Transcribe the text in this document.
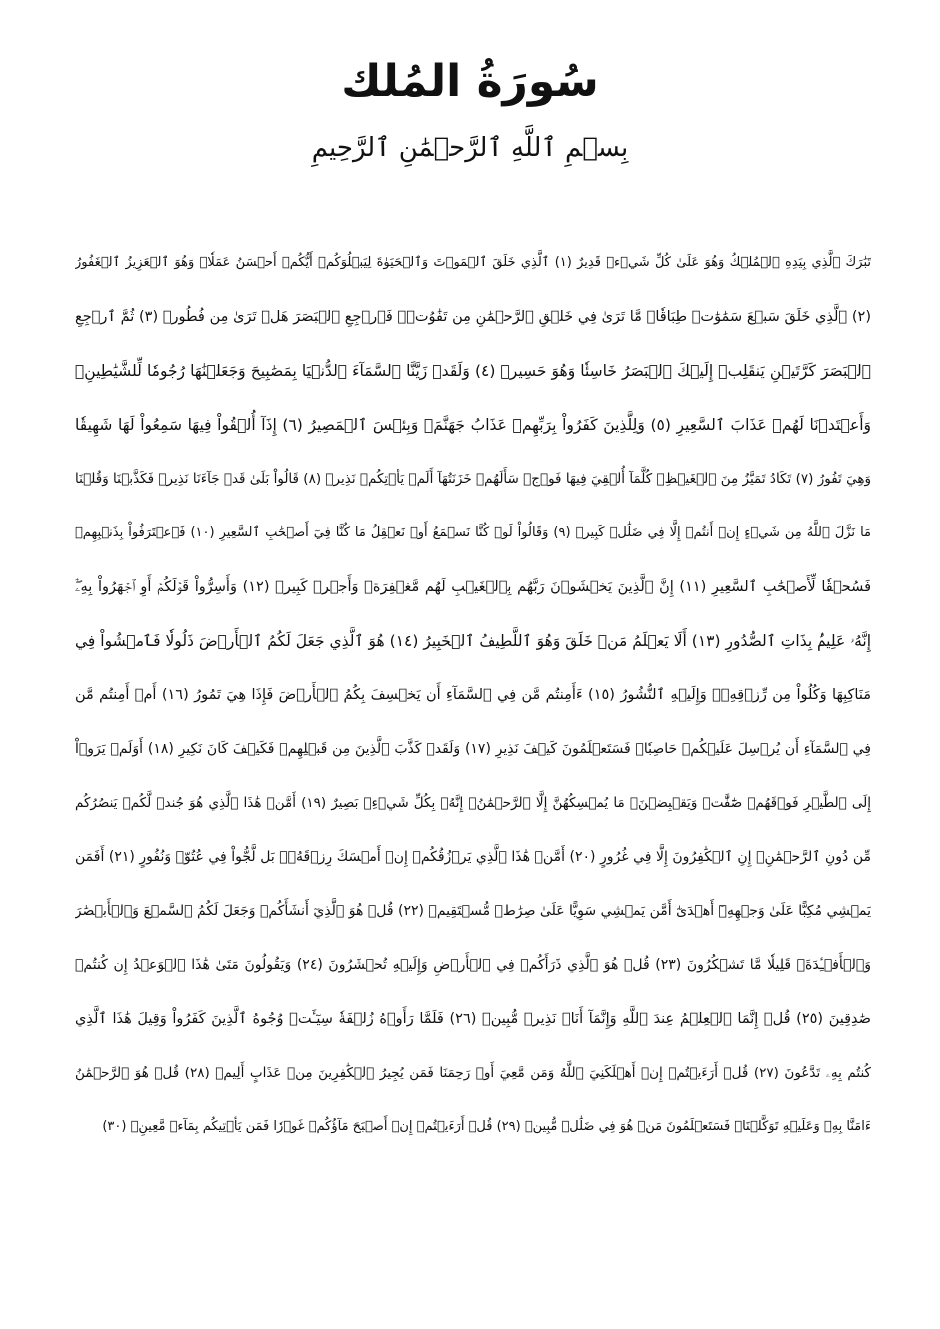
سُورَةُ المُلك
بِسۡمِ ٱللَّهِ ٱلرَّحۡمَٰنِ ٱلرَّحِيمِ
تَبَٰرَكَ ٱلَّذِي بِيَدِهِ ٱلۡمُلۡكُ وَهُوَ عَلَىٰ كُلِّ شَيۡءٖ قَدِيرٌ (١) ٱلَّذِي خَلَقَ ٱلۡمَوۡتَ وَٱلۡحَيَوٰةَ لِيَبۡلُوَكُمۡ أَيُّكُمۡ أَحۡسَنُ عَمَلٗاۚ وَهُوَ ٱلۡعَزِيزُ ٱلۡغَفُورُ
(٢) ٱلَّذِي خَلَقَ سَبۡعَ سَمَٰوَٰتٖ طِبَاقٗاۖ مَّا تَرَىٰ فِي خَلۡقِ ٱلرَّحۡمَٰنِ مِن تَفَٰوُتٖۖ فَٱرۡجِعِ ٱلۡبَصَرَ هَلۡ تَرَىٰ مِن فُطُورٖ (٣) ثُمَّ ٱرۡجِعِ
ٱلۡبَصَرَ كَرَّتَيۡنِ يَنقَلِبۡ إِلَيۡكَ ٱلۡبَصَرُ خَاسِئٗا وَهُوَ حَسِيرٞ (٤) وَلَقَدۡ زَيَّنَّا ٱلسَّمَآءَ ٱلدُّنۡيَا بِمَصَٰبِيحَ وَجَعَلۡنَٰهَا رُجُومٗا لِّلشَّيَٰطِينِۖ
وَأَعۡتَدۡنَا لَهُمۡ عَذَابَ ٱلسَّعِيرِ (٥) وَلِلَّذِينَ كَفَرُواْ بِرَبِّهِمۡ عَذَابُ جَهَنَّمَۖ وَبِئۡسَ ٱلۡمَصِيرُ (٦) إِذَآ أُلۡقُواْ فِيهَا سَمِعُواْ لَهَا شَهِيقٗا
وَهِيَ تَفُورُ (٧) تَكَادُ تَمَيَّزُ مِنَ ٱلۡغَيۡظِۖ كُلَّمَآ أُلۡقِيَ فِيهَا فَوۡجٞ سَأَلَهُمۡ خَزَنَتُهَآ أَلَمۡ يَأۡتِكُمۡ نَذِيرٞ (٨) قَالُواْ بَلَىٰ قَدۡ جَآءَنَا نَذِيرٞ فَكَذَّبۡنَا وَقُلۡنَا
مَا نَزَّلَ ٱللَّهُ مِن شَيۡءٍ إِنۡ أَنتُمۡ إِلَّا فِي ضَلَٰلٖ كَبِيرٖ (٩) وَقَالُواْ لَوۡ كُنَّا نَسۡمَعُ أَوۡ نَعۡقِلُ مَا كُنَّا فِيٓ أَصۡحَٰبِ ٱلسَّعِيرِ (١٠) فَٱعۡتَرَفُواْ بِذَنۢبِهِمۡ
فَسُحۡقٗا لِّأَصۡحَٰبِ ٱلسَّعِيرِ (١١) إِنَّ ٱلَّذِينَ يَخۡشَوۡنَ رَبَّهُم بِٱلۡغَيۡبِ لَهُم مَّغۡفِرَةٞ وَأَجۡرٞ كَبِيرٞ (١٢) وَأَسِرُّواْ قَوۡلَكُمۡ أَوِ ٱجۡهَرُواْ بِهِۦٓۖ
إِنَّهُۥ عَلِيمُۢ بِذَاتِ ٱلصُّدُورِ (١٣) أَلَا يَعۡلَمُ مَنۡ خَلَقَ وَهُوَ ٱللَّطِيفُ ٱلۡخَبِيرُ (١٤) هُوَ ٱلَّذِي جَعَلَ لَكُمُ ٱلۡأَرۡضَ ذَلُولٗا فَٱمۡشُواْ فِي
مَنَاكِبِهَا وَكُلُواْ مِن رِّزۡقِهِۦۖ وَإِلَيۡهِ ٱلنُّشُورُ (١٥) ءَأَمِنتُم مَّن فِي ٱلسَّمَآءِ أَن يَخۡسِفَ بِكُمُ ٱلۡأَرۡضَ فَإِذَا هِيَ تَمُورُ (١٦) أَمۡ أَمِنتُم مَّن
فِي ٱلسَّمَآءِ أَن يُرۡسِلَ عَلَيۡكُمۡ حَاصِبٗاۖ فَسَتَعۡلَمُونَ كَيۡفَ نَذِيرِ (١٧) وَلَقَدۡ كَذَّبَ ٱلَّذِينَ مِن قَبۡلِهِمۡ فَكَيۡفَ كَانَ نَكِيرِ (١٨) أَوَلَمۡ يَرَوۡاْ
إِلَى ٱلطَّيۡرِ فَوۡقَهُمۡ صَٰٓفَّٰتٖ وَيَقۡبِضۡنَۚ مَا يُمۡسِكُهُنَّ إِلَّا ٱلرَّحۡمَٰنُۚ إِنَّهُۥ بِكُلِّ شَيۡءِۭ بَصِيرٌ (١٩) أَمَّنۡ هَٰذَا ٱلَّذِي هُوَ جُندٞ لَّكُمۡ يَنصُرُكُم
مِّن دُونِ ٱلرَّحۡمَٰنِۚ إِنِ ٱلۡكَٰفِرُونَ إِلَّا فِي غُرُورٍ (٢٠) أَمَّنۡ هَٰذَا ٱلَّذِي يَرۡزُقُكُمۡ إِنۡ أَمۡسَكَ رِزۡقَهُۥۚ بَل لَّجُّواْ فِي عُتُوّٖ وَنُفُورٍ (٢١) أَفَمَن
يَمۡشِي مُكِبًّا عَلَىٰ وَجۡهِهِۦٓ أَهۡدَىٰٓ أَمَّن يَمۡشِي سَوِيًّا عَلَىٰ صِرَٰطٖ مُّسۡتَقِيمٖ (٢٢) قُلۡ هُوَ ٱلَّذِيٓ أَنشَأَكُمۡ وَجَعَلَ لَكُمُ ٱلسَّمۡعَ وَٱلۡأَبۡصَٰرَ
وَٱلۡأَفۡـِٔدَةَۚ قَلِيلٗا مَّا تَشۡكُرُونَ (٢٣) قُلۡ هُوَ ٱلَّذِي ذَرَأَكُمۡ فِي ٱلۡأَرۡضِ وَإِلَيۡهِ تُحۡشَرُونَ (٢٤) وَيَقُولُونَ مَتَىٰ هَٰذَا ٱلۡوَعۡدُ إِن كُنتُمۡ
صَٰدِقِينَ (٢٥) قُلۡ إِنَّمَا ٱلۡعِلۡمُ عِندَ ٱللَّهِ وَإِنَّمَآ أَنَا۠ نَذِيرٞ مُّبِينٞ (٢٦) فَلَمَّا رَأَوۡهُ زُلۡفَةٗ سِيٓـَٔتۡ وُجُوهُ ٱلَّذِينَ كَفَرُواْ وَقِيلَ هَٰذَا ٱلَّذِي
كُنتُم بِهِۦ تَدَّعُونَ (٢٧) قُلۡ أَرَءَيۡتُمۡ إِنۡ أَهۡلَكَنِيَ ٱللَّهُ وَمَن مَّعِيَ أَوۡ رَحِمَنَا فَمَن يُجِيرُ ٱلۡكَٰفِرِينَ مِنۡ عَذَابٍ أَلِيمٖ (٢٨) قُلۡ هُوَ ٱلرَّحۡمَٰنُ
ءَامَنَّا بِهِۦ وَعَلَيۡهِ تَوَكَّلۡنَاۖ فَسَتَعۡلَمُونَ مَنۡ هُوَ فِي ضَلَٰلٖ مُّبِينٖ (٢٩) قُلۡ أَرَءَيۡتُمۡ إِنۡ أَصۡبَحَ مَآؤُكُمۡ غَوۡرٗا فَمَن يَأۡتِيكُم بِمَآءٖ مَّعِينِۭ (٣٠)
